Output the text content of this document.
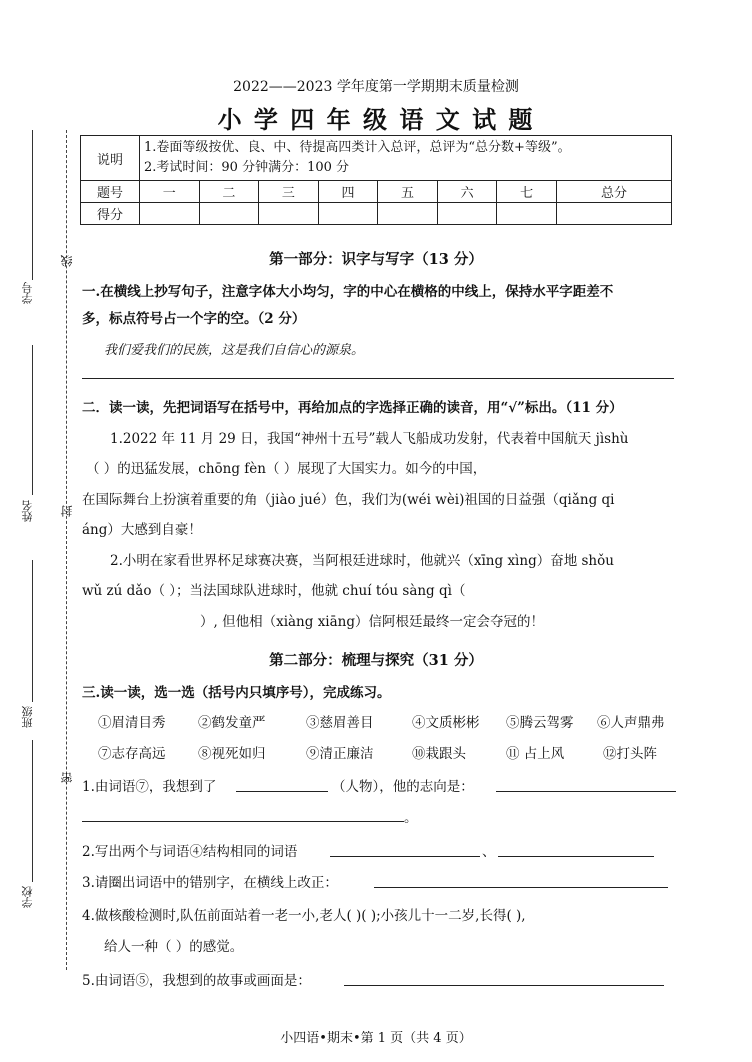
学号
姓名
班级
学校
线
封
密
2022——2023 学年度第一学期期末质量检测
小 学 四 年 级 语 文 试 题
说明	1.卷面等级按优、良、中、待提高四类计入总评，总评为“总分数+等级”。
2.考试时间：90 分钟满分：100 分							

题号	一	二	三	四	五	六	七	总分
得分								
第一部分：识字与写字（13 分）
一.在横线上抄写句子，注意字体大小均匀，字的中心在横格的中线上，保持水平字距差不
多，标点符号占一个字的空。（2 分）
我们爱我们的民族，这是我们自信心的源泉。
二．读一读，先把词语写在括号中，再给加点的字选择正确的读音，用“√”标出。（11 分）
1.2022 年 11 月 29 日，我国“神州十五号”载人飞船成功发射，代表着中国航天 jìshù
（ ）的迅猛发展，chōng fèn（ ）展现了大国实力。如今的中国，
在国际舞台上扮演着重要的角（jiào jué）色，我们为(wéi wèi)祖国的日益强（qiǎng qi
áng）大感到自豪！
2.小明在家看世界杯足球赛决赛，当阿根廷进球时，他就兴（xīng xìng）奋地 shǒu
wǔ zú dǎo（ ）；当法国球队进球时，他就 chuí tóu sàng qì（
）, 但他相（xiàng xiāng）信阿根廷最终一定会夺冠的！
第二部分：梳理与探究（31 分）
三.读一读，选一选（括号内只填序号），完成练习。
①眉清目秀 ②鹤发童严	③慈眉善目	④文质彬彬 ⑤腾云驾雾 ⑥人声鼎弗
⑦志存高远 ⑧视死如归	⑨清正廉洁	⑩栽跟头	⑪ 占上风	⑫打头阵
1.由词语⑦，我想到了	（人物），他的志向是：
。
2.写出两个与词语④结构相同的词语	、
3.请圈出词语中的错别字，在横线上改正：
4.做核酸检测时,队伍前面站着一老一小,老人( )( );小孩儿十一二岁,长得( ),
给人一种（ ）的感觉。
5.由词语⑤，我想到的故事或画面是：
小四语•期末•第 1 页（共 4 页）
